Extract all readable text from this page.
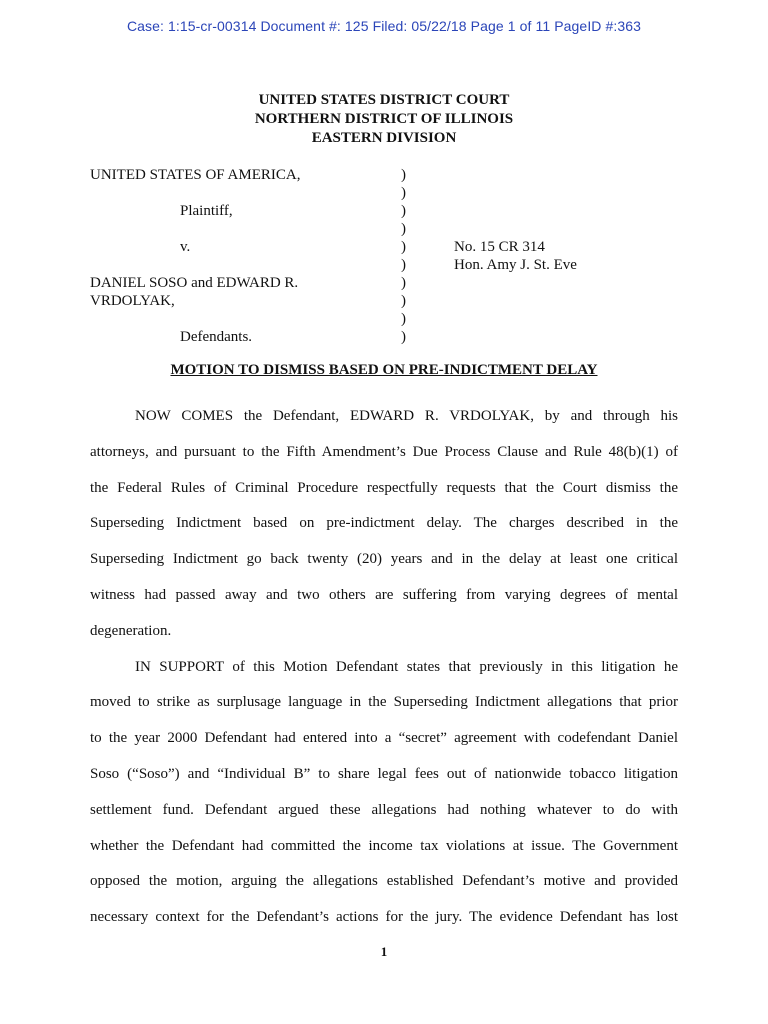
Case: 1:15-cr-00314 Document #: 125 Filed: 05/22/18 Page 1 of 11 PageID #:363
UNITED STATES DISTRICT COURT
NORTHERN DISTRICT OF ILLINOIS
EASTERN DIVISION
UNITED STATES OF AMERICA,	)
)
Plaintiff,	)
)
v.	)	No. 15 CR 314
)	Hon. Amy J. St. Eve
DANIEL SOSO and EDWARD R.	)
VRDOLYAK,	)
)
Defendants.	)
MOTION TO DISMISS BASED ON PRE-INDICTMENT DELAY
NOW COMES the Defendant, EDWARD R. VRDOLYAK, by and through his
attorneys, and pursuant to the Fifth Amendment’s Due Process Clause and Rule 48(b)(1) of
the Federal Rules of Criminal Procedure respectfully requests that the Court dismiss the
Superseding Indictment based on pre-indictment delay. The charges described in the
Superseding Indictment go back twenty (20) years and in the delay at least one critical
witness had passed away and two others are suffering from varying degrees of mental
degeneration.
IN SUPPORT of this Motion Defendant states that previously in this litigation he
moved to strike as surplusage language in the Superseding Indictment allegations that prior
to the year 2000 Defendant had entered into a “secret” agreement with codefendant Daniel
Soso (“Soso”) and “Individual B” to share legal fees out of nationwide tobacco litigation
settlement fund. Defendant argued these allegations had nothing whatever to do with
whether the Defendant had committed the income tax violations at issue. The Government
opposed the motion, arguing the allegations established Defendant’s motive and provided
necessary context for the Defendant’s actions for the jury. The evidence Defendant has lost
1
